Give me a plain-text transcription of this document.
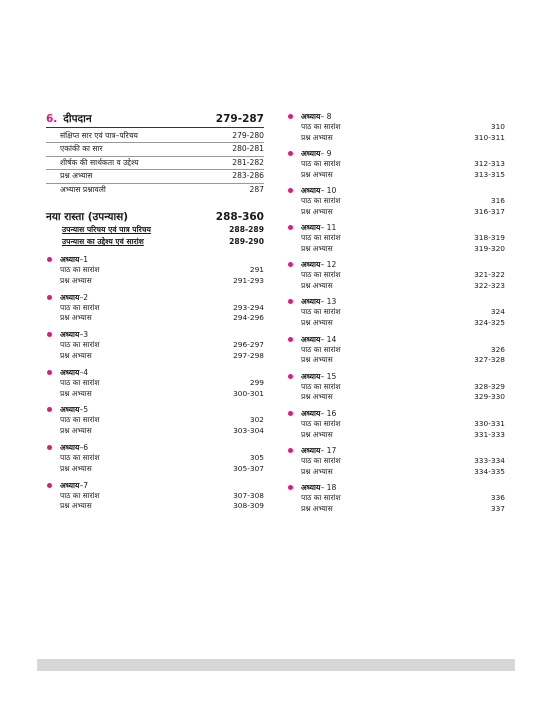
6. दीपदान	279-287
संक्षिप्त सार एवं पात्र–परिचय	279-280
एकांकी का सार	280-281
शीर्षक की सार्थकता व उद्देश्य	281-282
प्रश्न अभ्यास	283-286
अभ्यास प्रश्नावली	287
नया रास्ता (उपन्यास)	288-360
उपन्यास परिचय एवं पात्र परिचय	288-289
उपन्यास का उद्देश्य एवं सारांश	289-290
अध्याय–1
पाठ का सारांश	291
प्रश्न अभ्यास	291-293
अध्याय–2
पाठ का सारांश	293-294
प्रश्न अभ्यास	294-296
अध्याय–3
पाठ का सारांश	296-297
प्रश्न अभ्यास	297-298
अध्याय–4
पाठ का सारांश	299
प्रश्न अभ्यास	300-301
अध्याय–5
पाठ का सारांश	302
प्रश्न अभ्यास	303-304
अध्याय–6
पाठ का सारांश	305
प्रश्न अभ्यास	305-307
अध्याय–7
पाठ का सारांश	307-308
प्रश्न अभ्यास	308-309
अध्याय– 8
पाठ का सारांश	310
प्रश्न अभ्यास	310-311
अध्याय– 9
पाठ का सारांश	312-313
प्रश्न अभ्यास	313-315
अध्याय– 10
पाठ का सारांश	316
प्रश्न अभ्यास	316-317
अध्याय– 11
पाठ का सारांश	318-319
प्रश्न अभ्यास	319-320
अध्याय– 12
पाठ का सारांश	321-322
प्रश्न अभ्यास	322-323
अध्याय– 13
पाठ का सारांश	324
प्रश्न अभ्यास	324-325
अध्याय– 14
पाठ का सारांश	326
प्रश्न अभ्यास	327-328
अध्याय– 15
पाठ का सारांश	328-329
प्रश्न अभ्यास	329-330
अध्याय– 16
पाठ का सारांश	330-331
प्रश्न अभ्यास	331-333
अध्याय– 17
पाठ का सारांश	333-334
प्रश्न अभ्यास	334-335
अध्याय– 18
पाठ का सारांश	336
प्रश्न अभ्यास	337
